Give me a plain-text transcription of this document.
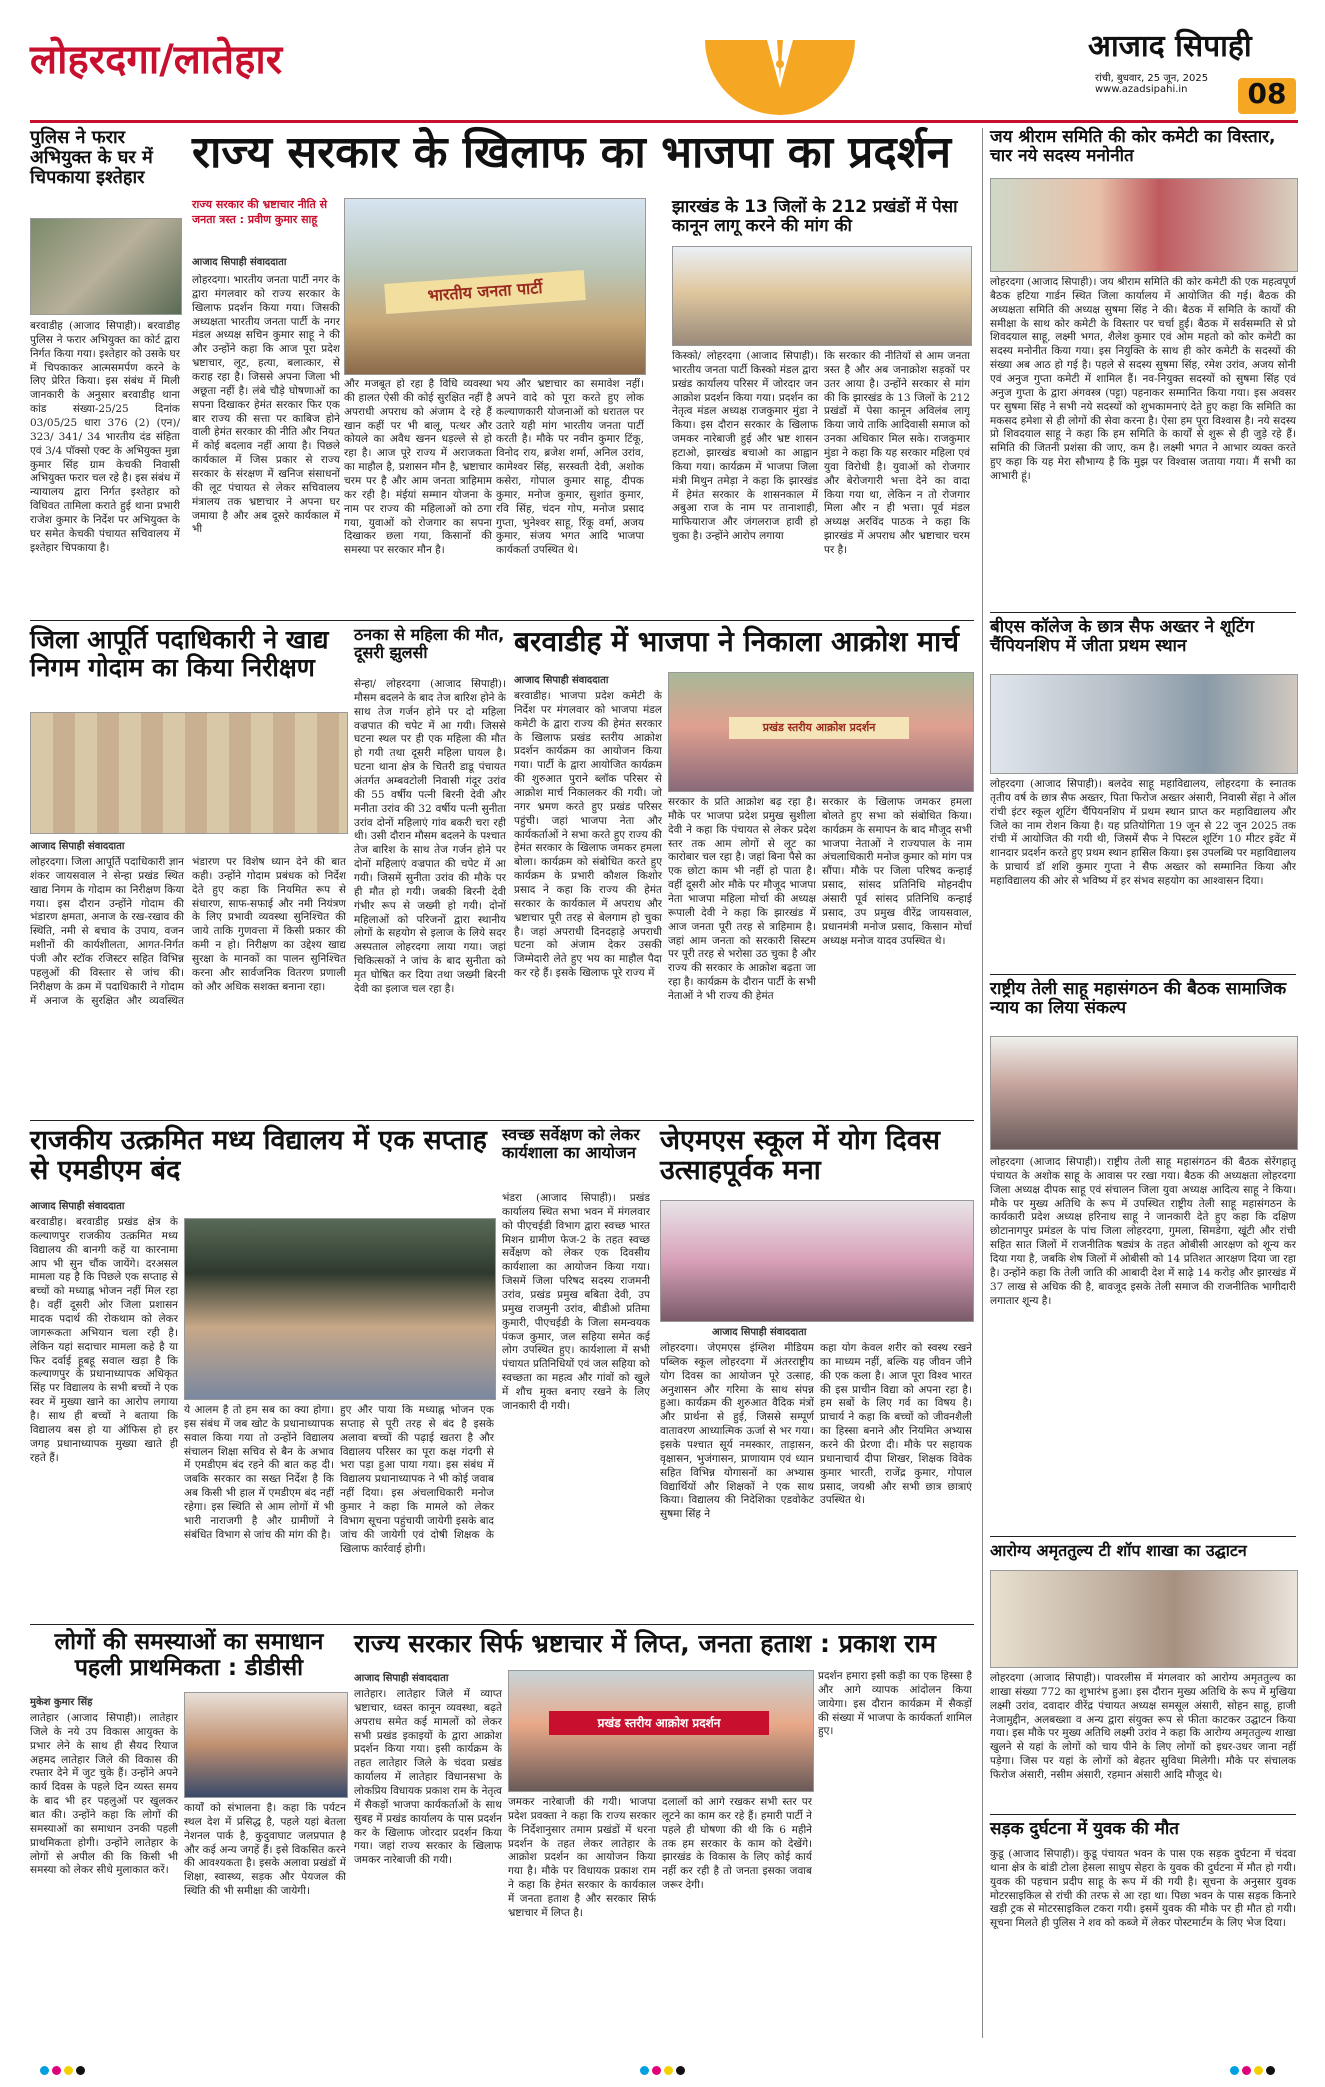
लोहरदगा/लातेहार	आजाद सिपाही
रांची, बुधवार, 25 जून, 2025
www.azadsipahi.in	08
पुलिस ने फरार अभियुक्त के घर में चिपकाया इश्तेहार
बरवाडीह (आजाद सिपाही)। बरवाडीह पुलिस ने फरार अभियुक्त का कोर्ट द्वारा निर्गत किया गया। इश्तेहार को उसके घर में चिपकाकर आत्मसमर्पण करने के लिए प्रेरित किया। इस संबंध में मिली जानकारी के अनुसार बरवाडीह थाना कांड संख्या-25/25 दिनांक 03/05/25 धारा 376 (2) (एन)/ 323/ 341/ 34 भारतीय दंड संहिता एवं 3/4 पॉक्सो एक्ट के अभियुक्त मुन्ना कुमार सिंह ग्राम केचकी निवासी अभियुक्त फरार चल रहे है। इस संबंध में न्यायालय द्वारा निर्गत इश्तेहार को विधिवत तामिला कराते हुई थाना प्रभारी राजेश कुमार के निर्देश पर अभियुक्त के घर समेत केचकी पंचायत सचिवालय में इश्तेहार चिपकाया है।
राज्य सरकार के खिलाफ का भाजपा का प्रदर्शन
राज्य सरकार की भ्रष्टाचार नीति से जनता त्रस्त : प्रवीण कुमार साहू
आजाद सिपाही संवाददाता
भारतीय जनता पार्टी
लोहरदगा। भारतीय जनता पार्टी नगर के द्वारा मंगलवार को राज्य सरकार के खिलाफ प्रदर्शन किया गया। जिसकी अध्यक्षता भारतीय जनता पार्टी के नगर मंडल अध्यक्ष सचिन कुमार साहू ने की और उन्होंने कहा कि आज पूरा प्रदेश भ्रष्टाचार, लूट, हत्या, बलात्कार, से कराह रहा है। जिससे अपना जिला भी अछूता नहीं है। लंबे चौड़े घोषणाओं का सपना दिखाकर हेमंत सरकार फिर एक बार राज्य की सत्ता पर काबिज होने वाली हेमंत सरकार की नीति और नियत में कोई बदलाव नहीं आया है। पिछले कार्यकाल में जिस प्रकार से राज्य सरकार के संरक्षण में खनिज संसाधनों की लूट पंचायत से लेकर सचिवालय मंत्रालय तक भ्रष्टाचार ने अपना घर जमाया है और अब दूसरे कार्यकाल में भी
और मजबूत हो रहा है विधि व्यवस्था की हालत ऐसी की कोई सुरक्षित नहीं है अपराधी अपराध को अंजाम दे रहे हैं खान कहीं पर भी बालू, पत्थर और कोयले का अवैध खनन धड़ल्ले से हो रहा है। आज पूरे राज्य में अराजकता का माहौल है, प्रशासन मौन है, भ्रष्टाचार चरम पर है और आम जनता त्राहिमाम कर रही है। मंईयां सम्मान योजना के नाम पर राज्य की महिलाओं को ठगा गया, युवाओं को रोजगार का सपना दिखाकर छला गया, किसानों की समस्या पर सरकार मौन है।
भय और भ्रष्टाचार का समावेश नहीं। अपने वादे को पूरा करते हुए लोक कल्याणकारी योजनाओं को धरातल पर उतारे यही मांग भारतीय जनता पार्टी करती है। मौके पर नवीन कुमार टिंकू, विनोद राय, ब्रजेश शर्मा, अनिल उरांव, कामेश्वर सिंह, सरस्वती देवी, अशोक कसेरा, गोपाल कुमार साहू, दीपक कुमार, मनोज कुमार, सुशांत कुमार, रवि सिंह, चंदन गोप, मनोज प्रसाद गुप्ता, भुनेश्वर साहू, रिंकू वर्मा, अजय कुमार, संजय भगत आदि भाजपा कार्यकर्ता उपस्थित थे।
झारखंड के 13 जिलों के 212 प्रखंडों में पेसा कानून लागू करने की मांग की
किस्को/ लोहरदगा (आजाद सिपाही)। भारतीय जनता पार्टी किस्को मंडल द्वारा प्रखंड कार्यालय परिसर में जोरदार जन आक्रोश प्रदर्शन किया गया। प्रदर्शन का नेतृत्व मंडल अध्यक्ष राजकुमार मुंडा ने किया। इस दौरान सरकार के खिलाफ जमकर नारेबाजी हुई और भ्रष्ट शासन हटाओ, झारखंड बचाओ का आह्वान किया गया। कार्यक्रम में भाजपा जिला मंत्री मिथुन तमेड़ा ने कहा कि झारखंड में हेमंत सरकार के शासनकाल में अबुआ राज के नाम पर तानाशाही, माफियाराज और जंगलराज हावी हो चुका है। उन्होंने आरोप लगाया
कि सरकार की नीतियों से आम जनता त्रस्त है और अब जनाक्रोश सड़कों पर उतर आया है। उन्होंने सरकार से मांग की कि झारखंड के 13 जिलों के 212 प्रखंडों में पेसा कानून अविलंब लागू किया जाये ताकि आदिवासी समाज को उनका अधिकार मिल सके। राजकुमार मुंडा ने कहा कि यह सरकार महिला एवं युवा विरोधी है। युवाओं को रोजगार और बेरोजगारी भत्ता देने का वादा किया गया था, लेकिन न तो रोजगार मिला और न ही भत्ता। पूर्व मंडल अध्यक्ष अरविंद पाठक ने कहा कि झारखंड में अपराध और भ्रष्टाचार चरम पर है।
जय श्रीराम समिति की कोर कमेटी का विस्तार, चार नये सदस्य मनोनीत
लोहरदगा (आजाद सिपाही)। जय श्रीराम समिति की कोर कमेटी की एक महत्वपूर्ण बैठक हटिया गार्डन स्थित जिला कार्यालय में आयोजित की गई। बैठक की अध्यक्षता समिति की अध्यक्ष सुषमा सिंह ने की। बैठक में समिति के कार्यों की समीक्षा के साथ कोर कमेटी के विस्तार पर चर्चा हुई। बैठक में सर्वसम्मति से प्रो शिवदयाल साहू, लक्ष्मी भगत, शैलेश कुमार एवं ओम महतो को कोर कमेटी का सदस्य मनोनीत किया गया। इस नियुक्ति के साथ ही कोर कमेटी के सदस्यों की संख्या अब आठ हो गई है। पहले से सदस्य सुषमा सिंह, रमेश उरांव, अजय सोनी एवं अनुज गुप्ता कमेटी में शामिल हैं। नव-नियुक्त सदस्यों को सुषमा सिंह एवं अनुज गुप्ता के द्वारा अंगवस्त्र (पट्टा) पहनाकर सम्मानित किया गया। इस अवसर पर सुषमा सिंह ने सभी नये सदस्यों को शुभकामनाएं देते हुए कहा कि समिति का मकसद हमेशा से ही लोगों की सेवा करना है। ऐसा हम पूरा विश्वास है। नये सदस्य प्रो शिवदयाल साहू ने कहा कि हम समिति के कार्यों से शुरू से ही जुड़े रहे हैं। समिति की जितनी प्रशंसा की जाए, कम है। लक्ष्मी भगत ने आभार व्यक्त करते हुए कहा कि यह मेरा सौभाग्य है कि मुझ पर विश्वास जताया गया। मैं सभी का आभारी हूं।
बीएस कॉलेज के छात्र सैफ अख्तर ने शूटिंग चैंपियनशिप में जीता प्रथम स्थान
लोहरदगा (आजाद सिपाही)। बलदेव साहू महाविद्यालय, लोहरदगा के स्नातक तृतीय वर्ष के छात्र सैफ अख्तर, पिता फिरोज अख्तर अंसारी, निवासी सेंहा ने ऑल रांची इंटर स्कूल शूटिंग चैंपियनशिप में प्रथम स्थान प्राप्त कर महाविद्यालय और जिले का नाम रोशन किया है। यह प्रतियोगिता 19 जून से 22 जून 2025 तक रांची में आयोजित की गयी थी, जिसमें सैफ ने पिस्टल शूटिंग 10 मीटर इवेंट में शानदार प्रदर्शन करते हुए प्रथम स्थान हासिल किया। इस उपलब्धि पर महाविद्यालय के प्राचार्य डॉ शशि कुमार गुप्ता ने सैफ अख्तर को सम्मानित किया और महाविद्यालय की ओर से भविष्य में हर संभव सहयोग का आश्वासन दिया।
राष्ट्रीय तेली साहू महासंगठन की बैठक सामाजिक न्याय का लिया संकल्प
लोहरदगा (आजाद सिपाही)। राष्ट्रीय तेली साहू महासंगठन की बैठक सेरेंगहातू पंचायत के अशोक साहू के आवास पर रखा गया। बैठक की अध्यक्षता लोहरदगा जिला अध्यक्ष दीपक साहू एवं संचालन जिला युवा अध्यक्ष आदित्य साहू ने किया। मौके पर मुख्य अतिथि के रूप में उपस्थित राष्ट्रीय तेली साहू महासंगठन के कार्यकारी प्रदेश अध्यक्ष हरिनाथ साहू ने जानकारी देते हुए कहा कि दक्षिण छोटानागपुर प्रमंडल के पांच जिला लोहरदगा, गुमला, सिमडेगा, खूंटी और रांची सहित सात जिलों में राजनीतिक षड्यंत्र के तहत ओबीसी आरक्षण को शून्य कर दिया गया है, जबकि शेष जिलों में ओबीसी को 14 प्रतिशत आरक्षण दिया जा रहा है। उन्होंने कहा कि तेली जाति की आबादी देश में साढ़े 14 करोड़ और झारखंड में 37 लाख से अधिक की है, बावजूद इसके तेली समाज की राजनीतिक भागीदारी लगातार शून्य है।
आरोग्य अमृततुल्य टी शॉप शाखा का उद्घाटन
लोहरदगा (आजाद सिपाही)। पावरलीस में मंगलवार को आरोग्य अमृततुल्य का शाखा संख्या 772 का शुभारंभ हुआ। इस दौरान मुख्य अतिथि के रूप में मुखिया लक्ष्मी उरांव, दवादार वीरेंद्र पंचायत अध्यक्ष समसूल अंसारी, सोहन साहू, हाजी नेजामुद्दीन, अलबख्शा व अन्य द्वारा संयुक्त रूप से फीता काटकर उद्घाटन किया गया। इस मौके पर मुख्य अतिथि लक्ष्मी उरांव ने कहा कि आरोग्य अमृततुल्य शाखा खुलने से यहां के लोगों को चाय पीने के लिए लोगों को इधर-उधर जाना नहीं पड़ेगा। जिस पर यहां के लोगों को बेहतर सुविधा मिलेगी। मौके पर संचालक फिरोज अंसारी, नसीम अंसारी, रहमान अंसारी आदि मौजूद थे।
सड़क दुर्घटना में युवक की मौत
कुडू (आजाद सिपाही)। कुडू पंचायत भवन के पास एक सड़क दुर्घटना में चंदवा थाना क्षेत्र के बांडी टोला हेसला साधुप सेहरा के युवक की दुर्घटना में मौत हो गयी। युवक की पहचान प्रदीप साहू के रूप में की गयी है। सूचना के अनुसार युवक मोटरसाइकिल से रांची की तरफ से आ रहा था। पिछा भवन के पास सड़क किनारे खड़ी ट्रक से मोटरसाइकिल टकरा गयी। इसमें युवक की मौके पर ही मौत हो गयी। सूचना मिलते ही पुलिस ने शव को कब्जे में लेकर पोस्टमार्टम के लिए भेज दिया।
जिला आपूर्ति पदाधिकारी ने खाद्य निगम गोदाम का किया निरीक्षण
आजाद सिपाही संवाददाता
लोहरदगा। जिला आपूर्ति पदाधिकारी ज्ञान शंकर जायसवाल ने सेन्हा प्रखंड स्थित खाद्य निगम के गोदाम का निरीक्षण किया गया। इस दौरान उन्होंने गोदाम की भंडारण क्षमता, अनाज के रख-रखाव की स्थिति, नमी से बचाव के उपाय, वजन मशीनों की कार्यशीलता, आगत-निर्गत पंजी और स्टॉक रजिस्टर सहित विभिन्न पहलुओं की विस्तार से जांच की। निरीक्षण के क्रम में पदाधिकारी ने गोदाम में अनाज के सुरक्षित और व्यवस्थित भंडारण पर विशेष ध्यान देने की बात कही। उन्होंने गोदाम प्रबंधक को निर्देश देते हुए कहा कि नियमित रूप से संधारण, साफ-सफाई और नमी नियंत्रण के लिए प्रभावी व्यवस्था सुनिश्चित की जाये ताकि गुणवत्ता में किसी प्रकार की कमी न हो। निरीक्षण का उद्देश्य खाद्य सुरक्षा के मानकों का पालन सुनिश्चित करना और सार्वजनिक वितरण प्रणाली को और अधिक सशक्त बनाना रहा।
ठनका से महिला की मौत, दूसरी झुलसी
सेन्हा/ लोहरदगा (आजाद सिपाही)। मौसम बदलने के बाद तेज बारिश होने के साथ तेज गर्जन होने पर दो महिला वज्रपात की चपेट में आ गयी। जिससे घटना स्थल पर ही एक महिला की मौत हो गयी तथा दूसरी महिला घायल है। घटना थाना क्षेत्र के चितरी डाडू पंचायत अंतर्गत अम्बवटोली निवासी गंदूर उरांव की 55 वर्षीय पत्नी बिरनी देवी और मनीता उरांव की 32 वर्षीय पत्नी सुनीता उरांव दोनों महिलाएं गांव बकरी चरा रही थी। उसी दौरान मौसम बदलने के पश्चात तेज बारिश के साथ तेज गर्जन होने पर दोनों महिलाएं वज्रपात की चपेट में आ गयी। जिसमें सुनीता उरांव की मौके पर ही मौत हो गयी। जबकी बिरनी देवी गंभीर रूप से जख्मी हो गयी। दोनों महिलाओं को परिजनों द्वारा स्थानीय लोगों के सहयोग से इलाज के लिये सदर अस्पताल लोहरदगा लाया गया। जहां चिकित्सकों ने जांच के बाद सुनीता को मृत घोषित कर दिया तथा जख्मी बिरनी देवी का इलाज चल रहा है।
बरवाडीह में भाजपा ने निकाला आक्रोश मार्च
आजाद सिपाही संवाददाता
प्रखंड स्तरीय आक्रोश प्रदर्शन
बरवाडीह। भाजपा प्रदेश कमेटी के निर्देश पर मंगलवार को भाजपा मंडल कमेटी के द्वारा राज्य की हेमंत सरकार के खिलाफ प्रखंड स्तरीय आक्रोश प्रदर्शन कार्यक्रम का आयोजन किया गया। पार्टी के द्वारा आयोजित कार्यक्रम की शुरुआत पुराने ब्लॉक परिसर से आक्रोश मार्च निकालकर की गयी। जो नगर भ्रमण करते हुए प्रखंड परिसर पहुंची। जहां भाजपा नेता और कार्यकर्ताओं ने सभा करते हुए राज्य की हेमंत सरकार के खिलाफ जमकर हमला बोला। कार्यक्रम को संबोधित करते हुए कार्यक्रम के प्रभारी कौशल किशोर प्रसाद ने कहा कि राज्य की हेमंत सरकार के कार्यकाल में अपराध और भ्रष्टाचार पूरी तरह से बेलगाम हो चुका है। जहां अपराधी दिनदहाड़े अपराधी घटना को अंजाम देकर उसकी जिम्मेदारी लेते हुए भय का माहौल पैदा कर रहे हैं। इसके खिलाफ पूरे राज्य में
सरकार के प्रति आक्रोश बढ़ रहा है। मौके पर भाजपा प्रदेश प्रमुख सुशीला देवी ने कहा कि पंचायत से लेकर प्रदेश स्तर तक आम लोगों से लूट का कारोबार चल रहा है। जहां बिना पैसे का एक छोटा काम भी नहीं हो पाता है। वहीं दूसरी ओर मौके पर मौजूद भाजपा नेता भाजपा महिला मोर्चा की अध्यक्ष रूपाली देवी ने कहा कि झारखंड में आज जनता पूरी तरह से त्राहिमाम है। जहां आम जनता को सरकारी सिस्टम पर पूरी तरह से भरोसा उठ चुका है और राज्य की सरकार के आक्रोश बढ़ता जा रहा है। कार्यक्रम के दौरान पार्टी के सभी नेताओं ने भी राज्य की हेमंत
सरकार के खिलाफ जमकर हमला बोलते हुए सभा को संबोधित किया। कार्यक्रम के समापन के बाद मौजूद सभी भाजपा नेताओं ने राज्यपाल के नाम अंचलाधिकारी मनोज कुमार को मांग पत्र सौंपा। मौके पर जिला परिषद कन्हाई प्रसाद, सांसद प्रतिनिधि मोहनदीप अंसारी पूर्व सांसद प्रतिनिधि कन्हाई प्रसाद, उप प्रमुख वीरेंद्र जायसवाल, प्रधानमंत्री मनोज प्रसाद, किसान मोर्चा अध्यक्ष मनोज यादव उपस्थित थे।
राजकीय उत्क्रमित मध्य विद्यालय में एक सप्ताह से एमडीएम बंद
आजाद सिपाही संवाददाता
बरवाडीह। बरवाडीह प्रखंड क्षेत्र के कल्याणपुर राजकीय उत्क्रमित मध्य विद्यालय की बानगी कहें या कारनामा आप भी सुन चौंक जायेंगे। दरअसल मामला यह है कि पिछले एक सप्ताह से बच्चों को मध्याह्न भोजन नहीं मिल रहा है। वहीं दूसरी ओर जिला प्रशासन मादक पदार्थ की रोकथाम को लेकर जागरूकता अभियान चला रही है। लेकिन यहां सदाचार मामला कहे है या फिर दर्वाई हूबहू सवाल खड़ा है कि कल्याणपुर के प्रधानाध्यापक अधिकृत सिंह पर विद्यालय के सभी बच्चों ने एक स्वर में मुख्या खाने का आरोप लगाया है। साथ ही बच्चों ने बताया कि विद्यालय बस हो या ऑफिस हो हर जगह प्रधानाध्यापक मुख्या खाते ही रहते हैं।
ये आलम है तो हम सब का क्या होगा। इस संबंध में जब खोट के प्रधानाध्यापक सवाल किया गया तो उन्होंने विद्यालय संचालन शिक्षा सचिव से बैन के अभाव में एमडीएम बंद रहने की बात कह दी। जबकि सरकार का सख्त निर्देश है कि अब किसी भी हाल में एमडीएम बंद नहीं रहेगा। इस स्थिति से आम लोगों में भी भारी नाराजगी है और ग्रामीणों ने संबंधित विभाग से जांच की मांग की है।
हुए और पाया कि मध्याह्न भोजन एक सप्ताह से पूरी तरह से बंद है इसके अलावा बच्चों की पढ़ाई खतरा है और विद्यालय परिसर का पूरा कक्ष गंदगी से भरा पड़ा हुआ पाया गया। इस संबंध में विद्यालय प्रधानाध्यापक ने भी कोई जवाब नहीं दिया। इस अंचलाधिकारी मनोज कुमार ने कहा कि मामले को लेकर विभाग सूचना पहुंचायी जायेगी इसके बाद जांच की जायेगी एवं दोषी शिक्षक के खिलाफ कार्रवाई होगी।
स्वच्छ सर्वेक्षण को लेकर कार्यशाला का आयोजन
भंडरा (आजाद सिपाही)। प्रखंड कार्यालय स्थित सभा भवन में मंगलवार को पीएचईडी विभाग द्वारा स्वच्छ भारत मिशन ग्रामीण फेज-2 के तहत स्वच्छ सर्वेक्षण को लेकर एक दिवसीय कार्यशाला का आयोजन किया गया। जिसमें जिला परिषद सदस्य राजमनी उरांव, प्रखंड प्रमुख बबिता देवी, उप प्रमुख राजमुनी उरांव, बीडीओ प्रतिमा कुमारी, पीएचईडी के जिला समन्वयक पंकज कुमार, जल सहिया समेत कई लोग उपस्थित हुए। कार्यशाला में सभी पंचायत प्रतिनिधियों एवं जल सहिया को स्वच्छता का महत्व और गांवों को खुले में शौच मुक्त बनाए रखने के लिए जानकारी दी गयी।
जेएमएस स्कूल में योग दिवस उत्साहपूर्वक मना
आजाद सिपाही संवाददाता
लोहरदगा। जेएमएस इंग्लिश मीडियम पब्लिक स्कूल लोहरदगा में अंतरराष्ट्रीय योग दिवस का आयोजन पूरे उत्साह, अनुशासन और गरिमा के साथ संपन्न हुआ। कार्यक्रम की शुरुआत वैदिक मंत्रों और प्रार्थना से हुई, जिससे सम्पूर्ण वातावरण आध्यात्मिक ऊर्जा से भर गया। इसके पश्चात सूर्य नमस्कार, ताड़ासन, वृक्षासन, भुजंगासन, प्राणायाम एवं ध्यान सहित विभिन्न योगासनों का अभ्यास विद्यार्थियों और शिक्षकों ने एक साथ किया। विद्यालय की निदेशिका एडवोकेट सुषमा सिंह ने
कहा योग केवल शरीर को स्वस्थ रखने का माध्यम नहीं, बल्कि यह जीवन जीने की एक कला है। आज पूरा विश्व भारत की इस प्राचीन विद्या को अपना रहा है। हम सबों के लिए गर्व का विषय है। प्राचार्य ने कहा कि बच्चों को जीवनशैली का हिस्सा बनाने और नियमित अभ्यास करने की प्रेरणा दी। मौके पर सहायक प्रधानाचार्य दीपा शिखर, शिक्षक विवेक कुमार भारती, राजेंद्र कुमार, गोपाल प्रसाद, जयश्री और सभी छात्र छात्राएं उपस्थित थे।
लोगों की समस्याओं का समाधान पहली प्राथमिकता : डीडीसी
मुकेश कुमार सिंह
लातेहार (आजाद सिपाही)। लातेहार जिले के नये उप विकास आयुक्त के प्रभार लेने के साथ ही सैयद रियाज अहमद लातेहार जिले की विकास की रफ्तार देने में जुट चुके हैं। उन्होंने अपने कार्य दिवस के पहले दिन व्यस्त समय के बाद भी हर पहलुओं पर खुलकर बात की। उन्होंने कहा कि लोगों की समस्याओं का समाधान उनकी पहली प्राथमिकता होगी। उन्होंने लातेहार के लोगों से अपील की कि किसी भी समस्या को लेकर सीधे मुलाकात करें।
कार्यों को संभालना है। कहा कि पर्यटन स्थल देश में प्रसिद्ध है, पहले यहां बेतला नेशनल पार्क है, कुदुवाघाट जलप्रपात है और कई अन्य जगहें हैं। इसे विकसित करने की आवश्यकता है। इसके अलावा प्रखंडों में शिक्षा, स्वास्थ्य, सड़क और पेयजल की स्थिति की भी समीक्षा की जायेगी।
राज्य सरकार सिर्फ भ्रष्टाचार में लिप्त, जनता हताश : प्रकाश राम
आजाद सिपाही संवाददाता
प्रखंड स्तरीय आक्रोश प्रदर्शन
लातेहार। लातेहार जिले में व्याप्त भ्रष्टाचार, ध्वस्त कानून व्यवस्था, बढ़ते अपराध समेत कई मामलों को लेकर सभी प्रखंड इकाइयों के द्वारा आक्रोश प्रदर्शन किया गया। इसी कार्यक्रम के तहत लातेहार जिले के चंदवा प्रखंड कार्यालय में लातेहार विधानसभा के लोकप्रिय विधायक प्रकाश राम के नेतृत्व में सैकड़ों भाजपा कार्यकर्ताओं के साथ सुबह में प्रखंड कार्यालय के पास प्रदर्शन कर के खिलाफ जोरदार प्रदर्शन किया गया। जहां राज्य सरकार के खिलाफ जमकर नारेबाजी की गयी।
जमकर नारेबाजी की गयी। भाजपा प्रदेश प्रवक्ता ने कहा कि राज्य सरकार के निर्देशानुसार तमाम प्रखंडों में धरना प्रदर्शन के तहत लेकर लातेहार के आक्रोश प्रदर्शन का आयोजन किया गया है। मौके पर विधायक प्रकाश राम ने कहा कि हेमंत सरकार के कार्यकाल में जनता हताश है और सरकार सिर्फ भ्रष्टाचार में लिप्त है।
दलालों को आगे रखकर सभी स्तर पर लूटने का काम कर रहे हैं। हमारी पार्टी ने पहले ही घोषणा की थी कि 6 महीने तक हम सरकार के काम को देखेंगे। झारखंड के विकास के लिए कोई कार्य नहीं कर रही है तो जनता इसका जवाब जरूर देगी।
प्रदर्शन हमारा इसी कड़ी का एक हिस्सा है और आगे व्यापक आंदोलन किया जायेगा। इस दौरान कार्यक्रम में सैकड़ों की संख्या में भाजपा के कार्यकर्ता शामिल हुए।
